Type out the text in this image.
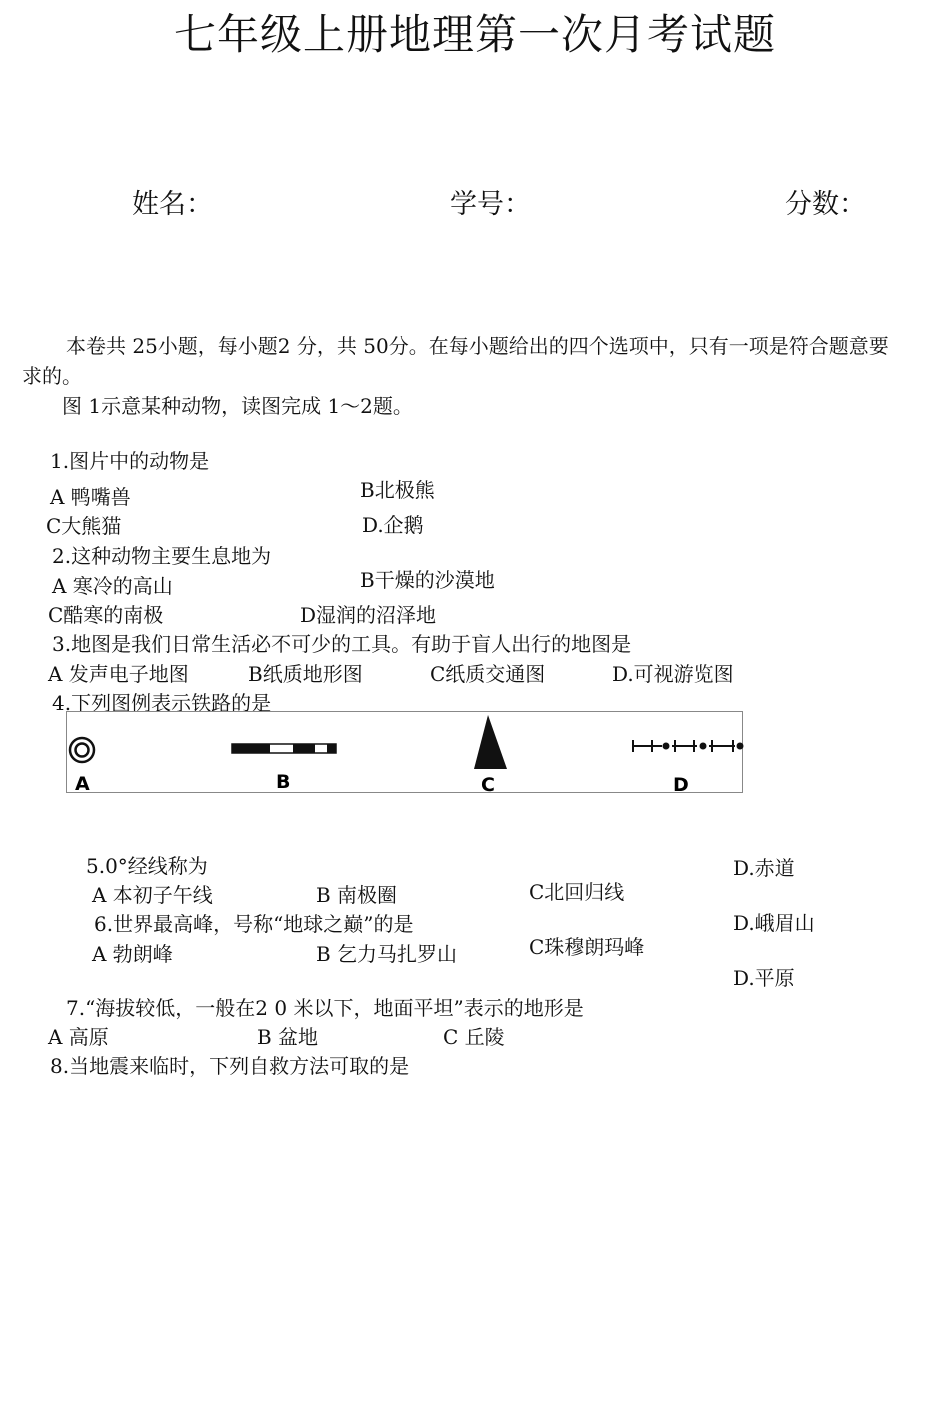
七年级上册地理第一次月考试题
姓名：	学号：	分数：
本卷共 25小题，每小题2 分，共 50分。在每小题给出的四个选项中，只有一项是符合题意要
求的。
图 1示意某种动物，读图完成 1～2题。
1.图片中的动物是
A 鸭嘴兽	B北极熊
C大熊猫	D.企鹅
2.这种动物主要生息地为
A 寒冷的高山	B干燥的沙漠地
C酷寒的南极	D湿润的沼泽地
3.地图是我们日常生活必不可少的工具。有助于盲人出行的地图是
A 发声电子地图	B纸质地形图	C纸质交通图	D.可视游览图
4.下列图例表示铁路的是
A	B	C	D
5.0°经线称为
A 本初子午线	B 南极圈	C北回归线
D.赤道
6.世界最高峰，号称“地球之巅”的是
A 勃朗峰	B 乞力马扎罗山	C珠穆朗玛峰
D.峨眉山
7.“海拔较低，一般在2 0 米以下，地面平坦”表示的地形是
A 高原	B 盆地	C 丘陵
D.平原
8.当地震来临时，下列自救方法可取的是
